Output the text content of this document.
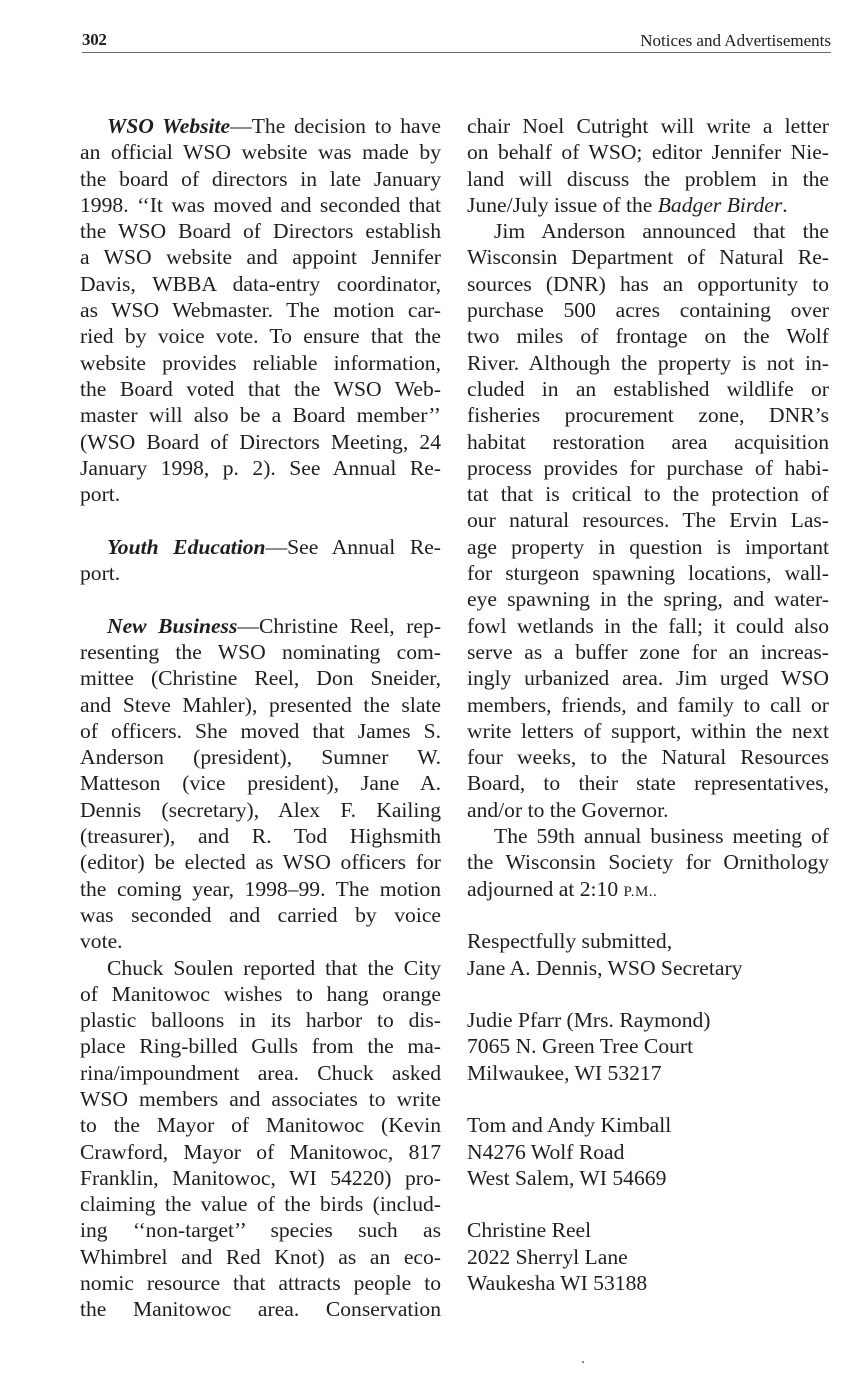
302	Notices and Advertisements
WSO Website—The decision to have
an official WSO website was made by
the board of directors in late January
1998. ‘‘It was moved and seconded that
the WSO Board of Directors establish
a WSO website and appoint Jennifer
Davis, WBBA data-entry coordinator,
as WSO Webmaster. The motion car-
ried by voice vote. To ensure that the
website provides reliable information,
the Board voted that the WSO Web-
master will also be a Board member’’
(WSO Board of Directors Meeting, 24
January 1998, p. 2). See Annual Re-
port.
Youth Education—See Annual Re-
port.
New Business—Christine Reel, rep-
resenting the WSO nominating com-
mittee (Christine Reel, Don Sneider,
and Steve Mahler), presented the slate
of officers. She moved that James S.
Anderson (president), Sumner W.
Matteson (vice president), Jane A.
Dennis (secretary), Alex F. Kailing
(treasurer), and R. Tod Highsmith
(editor) be elected as WSO officers for
the coming year, 1998–99. The motion
was seconded and carried by voice
vote.
Chuck Soulen reported that the City
of Manitowoc wishes to hang orange
plastic balloons in its harbor to dis-
place Ring-billed Gulls from the ma-
rina/impoundment area. Chuck asked
WSO members and associates to write
to the Mayor of Manitowoc (Kevin
Crawford, Mayor of Manitowoc, 817
Franklin, Manitowoc, WI 54220) pro-
claiming the value of the birds (includ-
ing ‘‘non-target’’ species such as
Whimbrel and Red Knot) as an eco-
nomic resource that attracts people to
the Manitowoc area. Conservation
chair Noel Cutright will write a letter
on behalf of WSO; editor Jennifer Nie-
land will discuss the problem in the
June/July issue of the Badger Birder.
Jim Anderson announced that the
Wisconsin Department of Natural Re-
sources (DNR) has an opportunity to
purchase 500 acres containing over
two miles of frontage on the Wolf
River. Although the property is not in-
cluded in an established wildlife or
fisheries procurement zone, DNR’s
habitat restoration area acquisition
process provides for purchase of habi-
tat that is critical to the protection of
our natural resources. The Ervin Las-
age property in question is important
for sturgeon spawning locations, wall-
eye spawning in the spring, and water-
fowl wetlands in the fall; it could also
serve as a buffer zone for an increas-
ingly urbanized area. Jim urged WSO
members, friends, and family to call or
write letters of support, within the next
four weeks, to the Natural Resources
Board, to their state representatives,
and/or to the Governor.
The 59th annual business meeting of
the Wisconsin Society for Ornithology
adjourned at 2:10 P.M..
Respectfully submitted,
Jane A. Dennis, WSO Secretary
Judie Pfarr (Mrs. Raymond)
7065 N. Green Tree Court
Milwaukee, WI 53217
Tom and Andy Kimball
N4276 Wolf Road
West Salem, WI 54669
Christine Reel
2022 Sherryl Lane
Waukesha WI 53188
